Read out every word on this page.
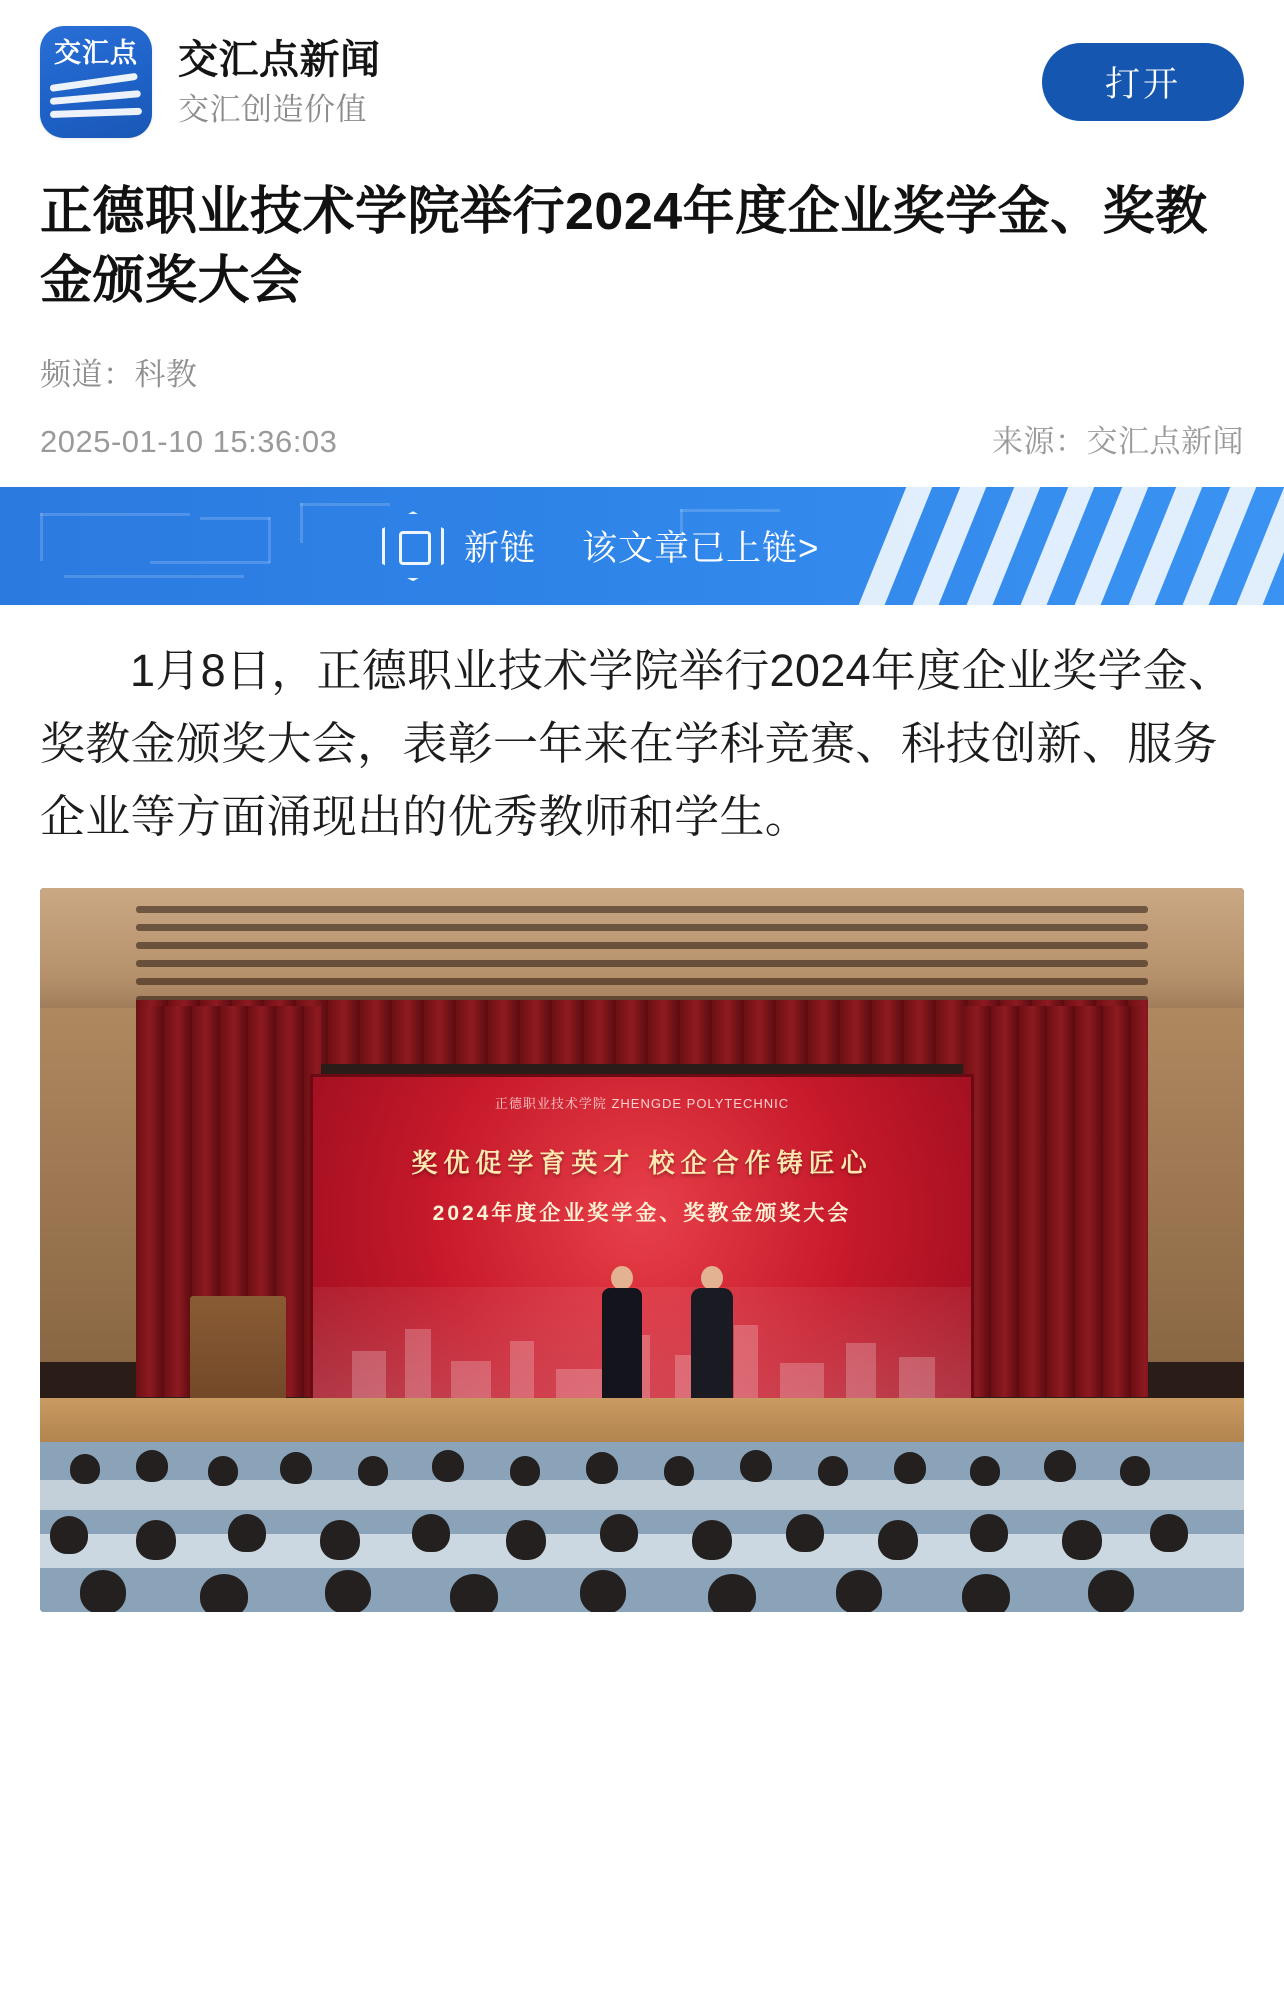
交汇点	交汇点新闻
交汇创造价值
打开
正德职业技术学院举行2024年度企业奖学金、奖教金颁奖大会
频道：科教
2025-01-10 15:36:03	来源：交汇点新闻
新链 该文章已上链>

1月8日，正德职业技术学院举行2024年度企业奖学金、奖教金颁奖大会，表彰一年来在学科竞赛、科技创新、服务企业等方面涌现出的优秀教师和学生。

正德职业技术学院 ZHENGDE POLYTECHNIC
奖优促学育英才 校企合作铸匠心
2024年度企业奖学金、奖教金颁奖大会
